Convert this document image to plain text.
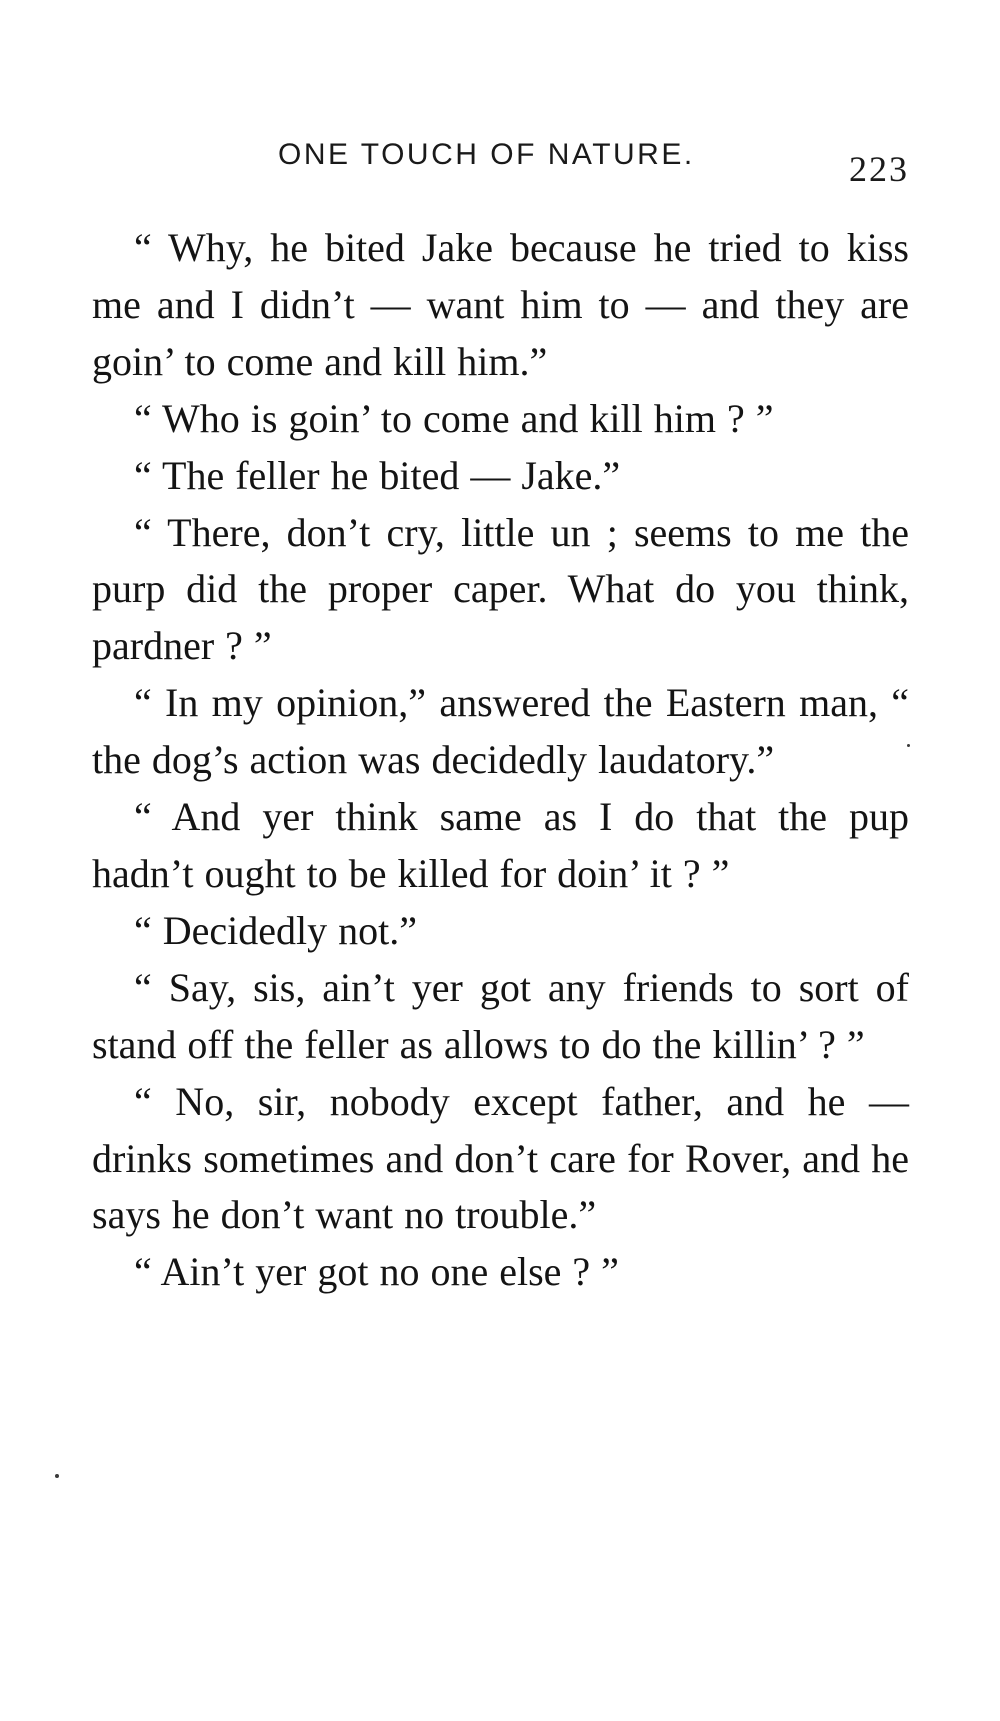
ONE TOUCH OF NATURE.	223

“ Why, he bited Jake because he tried to kiss me and I didn’t — want him to — and they are goin’ to come and kill him.”

“ Who is goin’ to come and kill him ? ”

“ The feller he bited — Jake.”

“ There, don’t cry, little un ; seems to me the purp did the proper caper. What do you think, pardner ? ”

“ In my opinion,” answered the Eastern man, “ the dog’s action was decidedly laudatory.”

“ And yer think same as I do that the pup hadn’t ought to be killed for doin’ it ? ”

“ Decidedly not.”

“ Say, sis, ain’t yer got any friends to sort of stand off the feller as allows to do the killin’ ? ”

“ No, sir, nobody except father, and he — drinks sometimes and don’t care for Rover, and he says he don’t want no trouble.”

“ Ain’t yer got no one else ? ”
